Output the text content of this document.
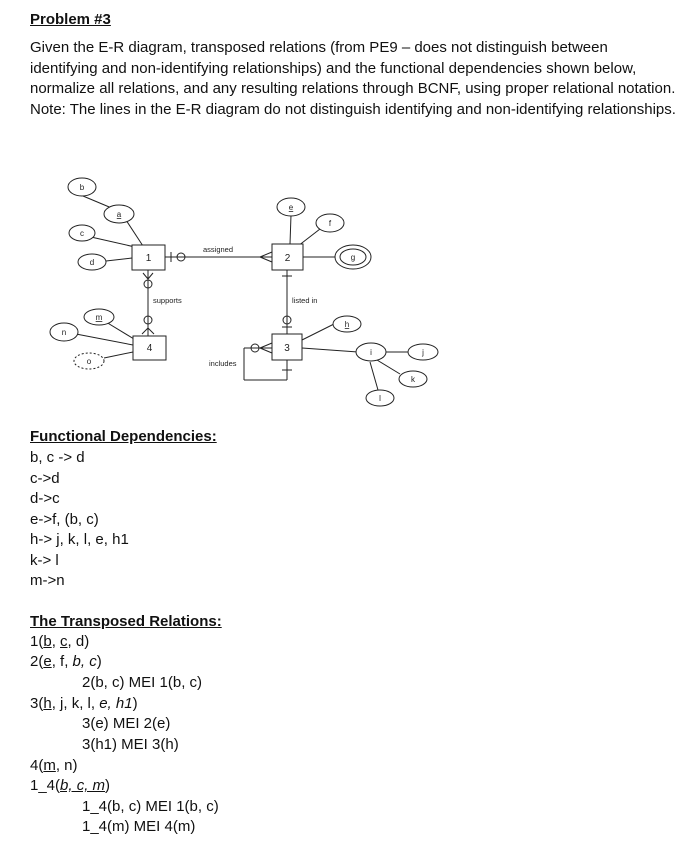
Problem #3

Given the E-R diagram, transposed relations (from PE9 – does not distinguish between identifying and non-identifying relationships) and the functional dependencies shown below, normalize all relations, and any resulting relations through BCNF, using proper relational notation. Note: The lines in the E-R diagram do not distinguish identifying and non-identifying relationships.

assigned
supports	listed in
includes
1	2
3
4
b
a
c
d
e
f
g
h
i	j
k
l
m
n
o
Functional Dependencies:
b, c -> d
c->d
d->c
e->f, (b, c)
h-> j, k, l, e, h1
k-> l
m->n
The Transposed Relations:
1(b, c, d)
2(e, f, b, c)
2(b, c) MEI 1(b, c)
3(h, j, k, l, e, h1)
3(e) MEI 2(e)
3(h1) MEI 3(h)
4(m, n)
1_4(b, c, m)
1_4(b, c) MEI 1(b, c)
1_4(m) MEI 4(m)
